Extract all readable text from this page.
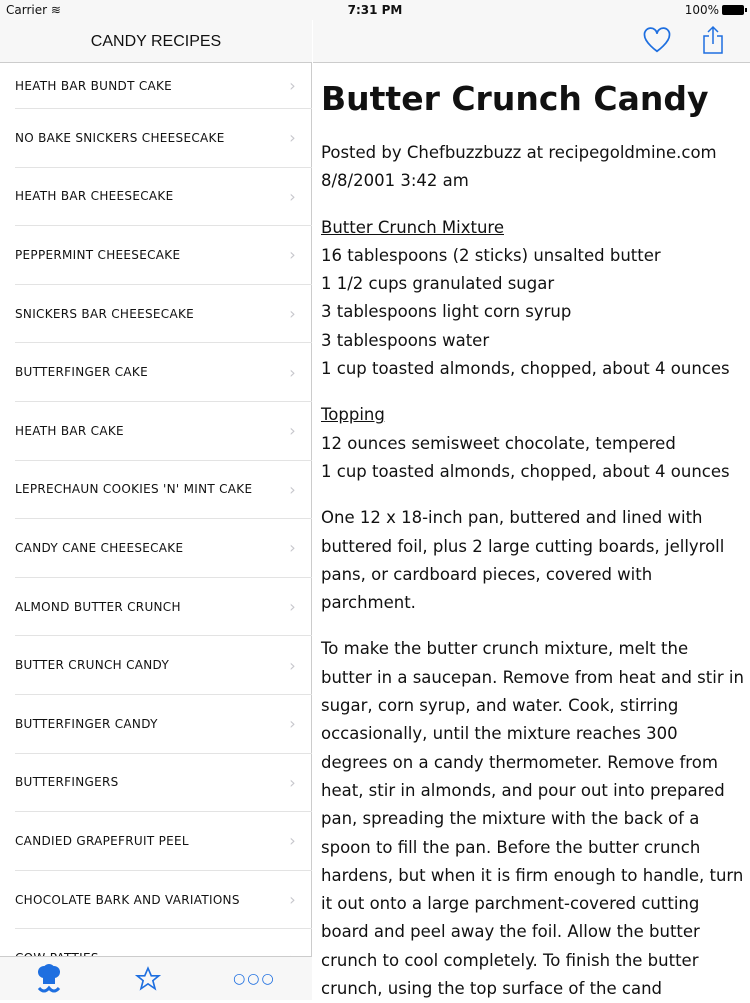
CANDY RECIPES
HEATH BAR BUNDT CAKE	›
NO BAKE SNICKERS CHEESECAKE	›
HEATH BAR CHEESECAKE	›
PEPPERMINT CHEESECAKE	›
SNICKERS BAR CHEESECAKE	›
BUTTERFINGER CAKE	›
HEATH BAR CAKE	›
LEPRECHAUN COOKIES 'N' MINT CAKE ›
CANDY CANE CHEESECAKE	›
ALMOND BUTTER CRUNCH	›
BUTTER CRUNCH CANDY	›
BUTTERFINGER CANDY	›
BUTTERFINGERS	›
CANDIED GRAPEFRUIT PEEL	›
CHOCOLATE BARK AND VARIATIONS	›
○○○
Butter Crunch Candy

Posted by Chefbuzzbuzz at recipegoldmine.com
8/8/2001 3:42 am

Butter Crunch Mixture
16 tablespoons (2 sticks) unsalted butter
1 1/2 cups granulated sugar
3 tablespoons light corn syrup
3 tablespoons water
1 cup toasted almonds, chopped, about 4 ounces

Topping
12 ounces semisweet chocolate, tempered
1 cup toasted almonds, chopped, about 4 ounces

One 12 x 18-inch pan, buttered and lined with buttered foil, plus 2 large cutting boards, jellyroll pans, or cardboard pieces, covered with parchment.

To make the butter crunch mixture, melt the butter in a saucepan. Remove from heat and stir in sugar, corn syrup, and water. Cook, stirring occasionally, until the mixture reaches 300 degrees on a candy thermometer. Remove from heat, stir in almonds, and pour out into prepared pan, spreading the mixture with the back of a spoon to fill the pan. Before the butter crunch hardens, but when it is firm enough to handle, turn it out onto a large parchment-covered cutting board and peel away the foil. Allow the butter crunch to cool completely. To finish the butter crunch, using the top surface of the cand

Carrier ≋	7:31 PM	100%
